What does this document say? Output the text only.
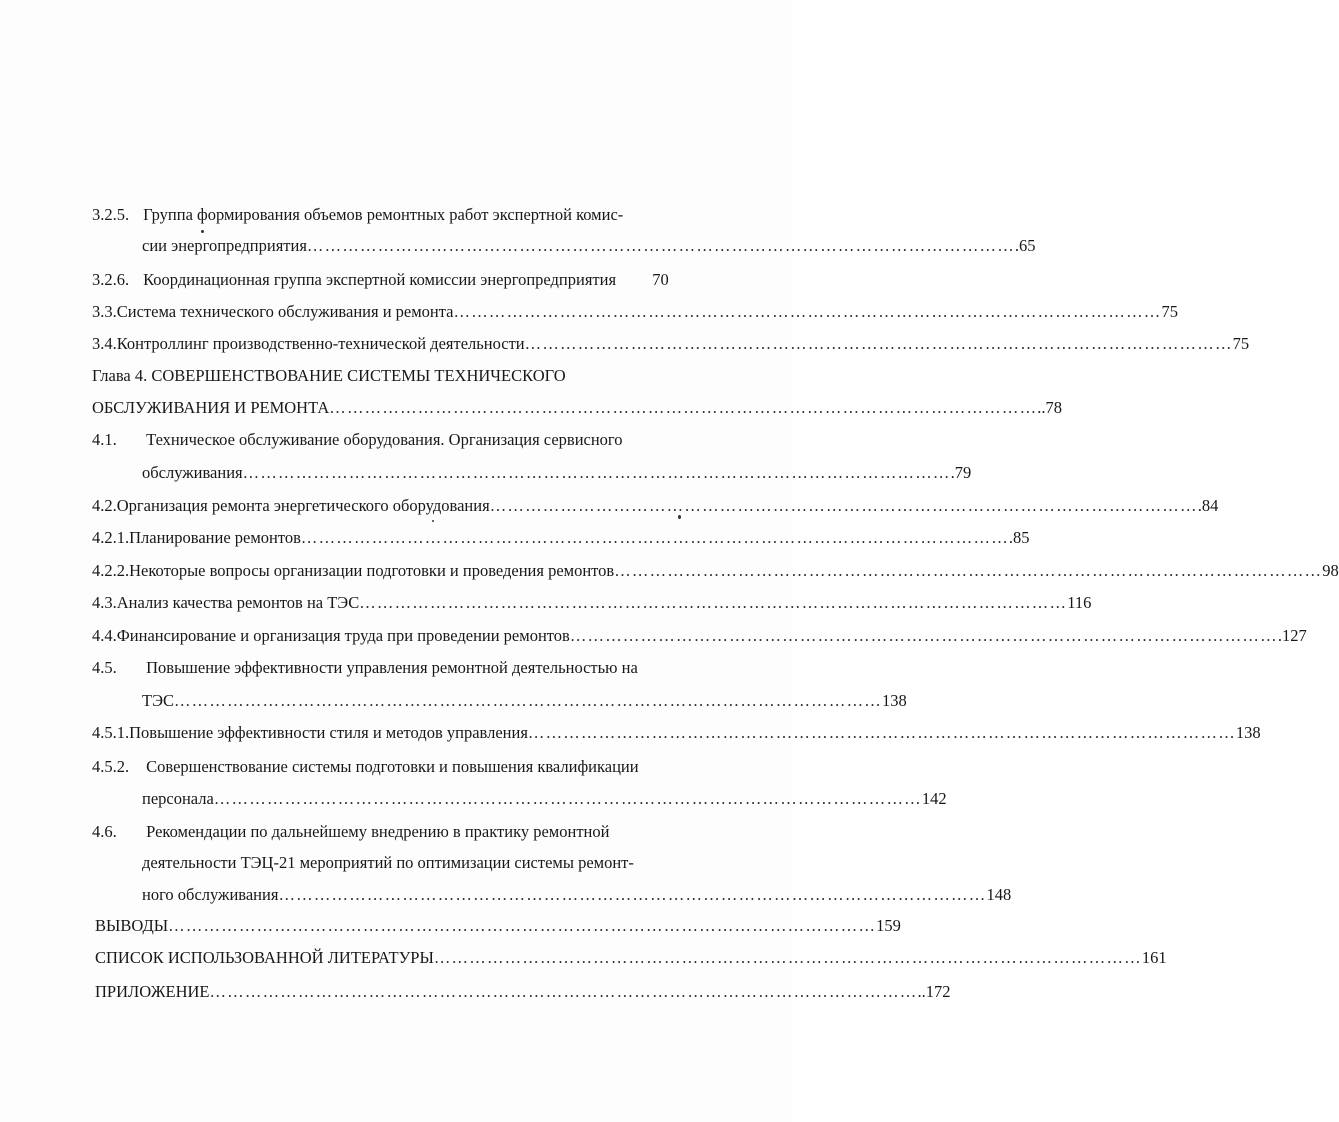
3.2.5. Группа формирования объемов ремонтных работ экспертной комис-
сии энергопредприятия ………………………………………………………………………………………………………… .65
3.2.6. Координационная группа экспертной комиссии энергопредприятия 70
3.3. Система технического обслуживания и ремонта ………………………………………………………………………………………………………… 75
3.4. Контроллинг производственно-технической деятельности ………………………………………………………………………………………………………… 75
Глава 4. СОВЕРШЕНСТВОВАНИЕ СИСТЕМЫ ТЕХНИЧЕСКОГО
ОБСЛУЖИВАНИЯ И РЕМОНТА ………………………………………………………………………………………………………… ..78
4.1. Техническое обслуживание оборудования. Организация сервисного
обслуживания ………………………………………………………………………………………………………… .79
4.2. Организация ремонта энергетического оборудования ………………………………………………………………………………………………………… .84
4.2.1. Планирование ремонтов ………………………………………………………………………………………………………… .85
4.2.2. Некоторые вопросы организации подготовки и проведения ремонтов ………………………………………………………………………………………………………… 98
4.3. Анализ качества ремонтов на ТЭС ………………………………………………………………………………………………………… 116
4.4. Финансирование и организация труда при проведении ремонтов ………………………………………………………………………………………………………… .127
4.5. Повышение эффективности управления ремонтной деятельностью на
ТЭС ………………………………………………………………………………………………………… 138
4.5.1. Повышение эффективности стиля и методов управления ………………………………………………………………………………………………………… 138
4.5.2. Совершенствование системы подготовки и повышения квалификации
персонала ………………………………………………………………………………………………………… 142
4.6. Рекомендации по дальнейшему внедрению в практику ремонтной
деятельности ТЭЦ-21 мероприятий по оптимизации системы ремонт-
ного обслуживания ………………………………………………………………………………………………………… 148
ВЫВОДЫ ………………………………………………………………………………………………………… 159
СПИСОК ИСПОЛЬЗОВАННОЙ ЛИТЕРАТУРЫ ………………………………………………………………………………………………………… 161
ПРИЛОЖЕНИЕ ………………………………………………………………………………………………………… ..172
